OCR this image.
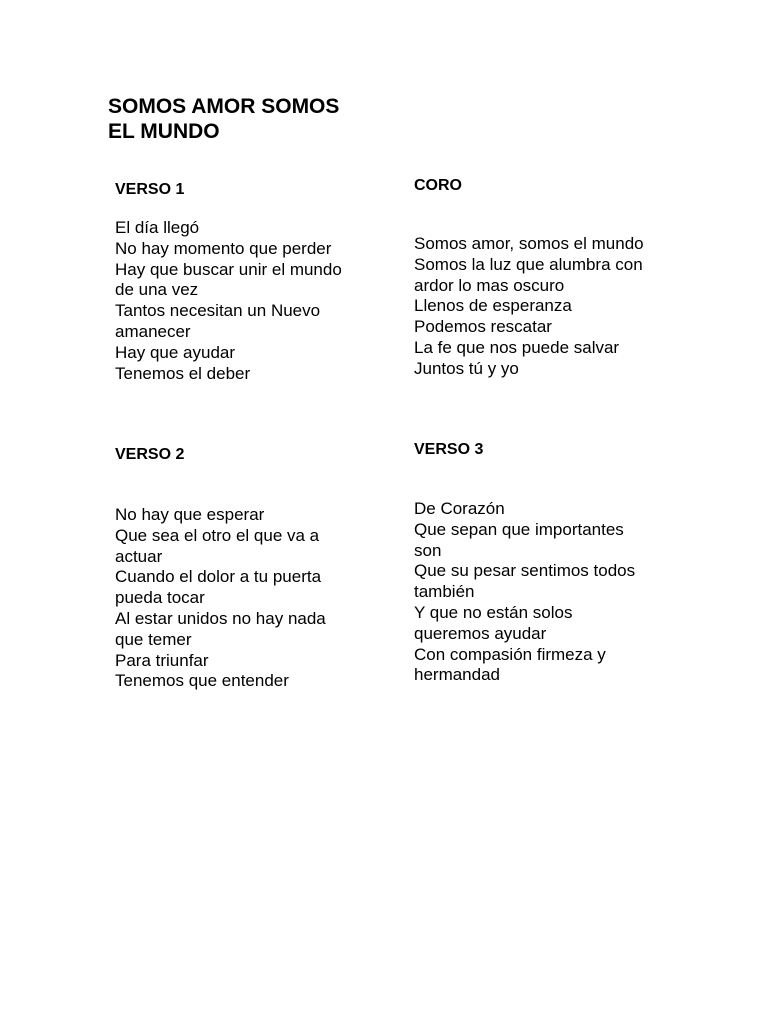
SOMOS AMOR SOMOS
EL MUNDO
VERSO 1
El día llegó
No hay momento que perder
Hay que buscar unir el mundo
de una vez
Tantos necesitan un Nuevo
amanecer
Hay que ayudar
Tenemos el deber
CORO
Somos amor, somos el mundo
Somos la luz que alumbra con
ardor lo mas oscuro
Llenos de esperanza
Podemos rescatar
La fe que nos puede salvar
Juntos tú y yo
VERSO 2
No hay que esperar
Que sea el otro el que va a
actuar
Cuando el dolor a tu puerta
pueda tocar
Al estar unidos no hay nada
que temer
Para triunfar
Tenemos que entender
VERSO 3
De Corazón
Que sepan que importantes
son
Que su pesar sentimos todos
también
Y que no están solos
queremos ayudar
Con compasión firmeza y
hermandad
